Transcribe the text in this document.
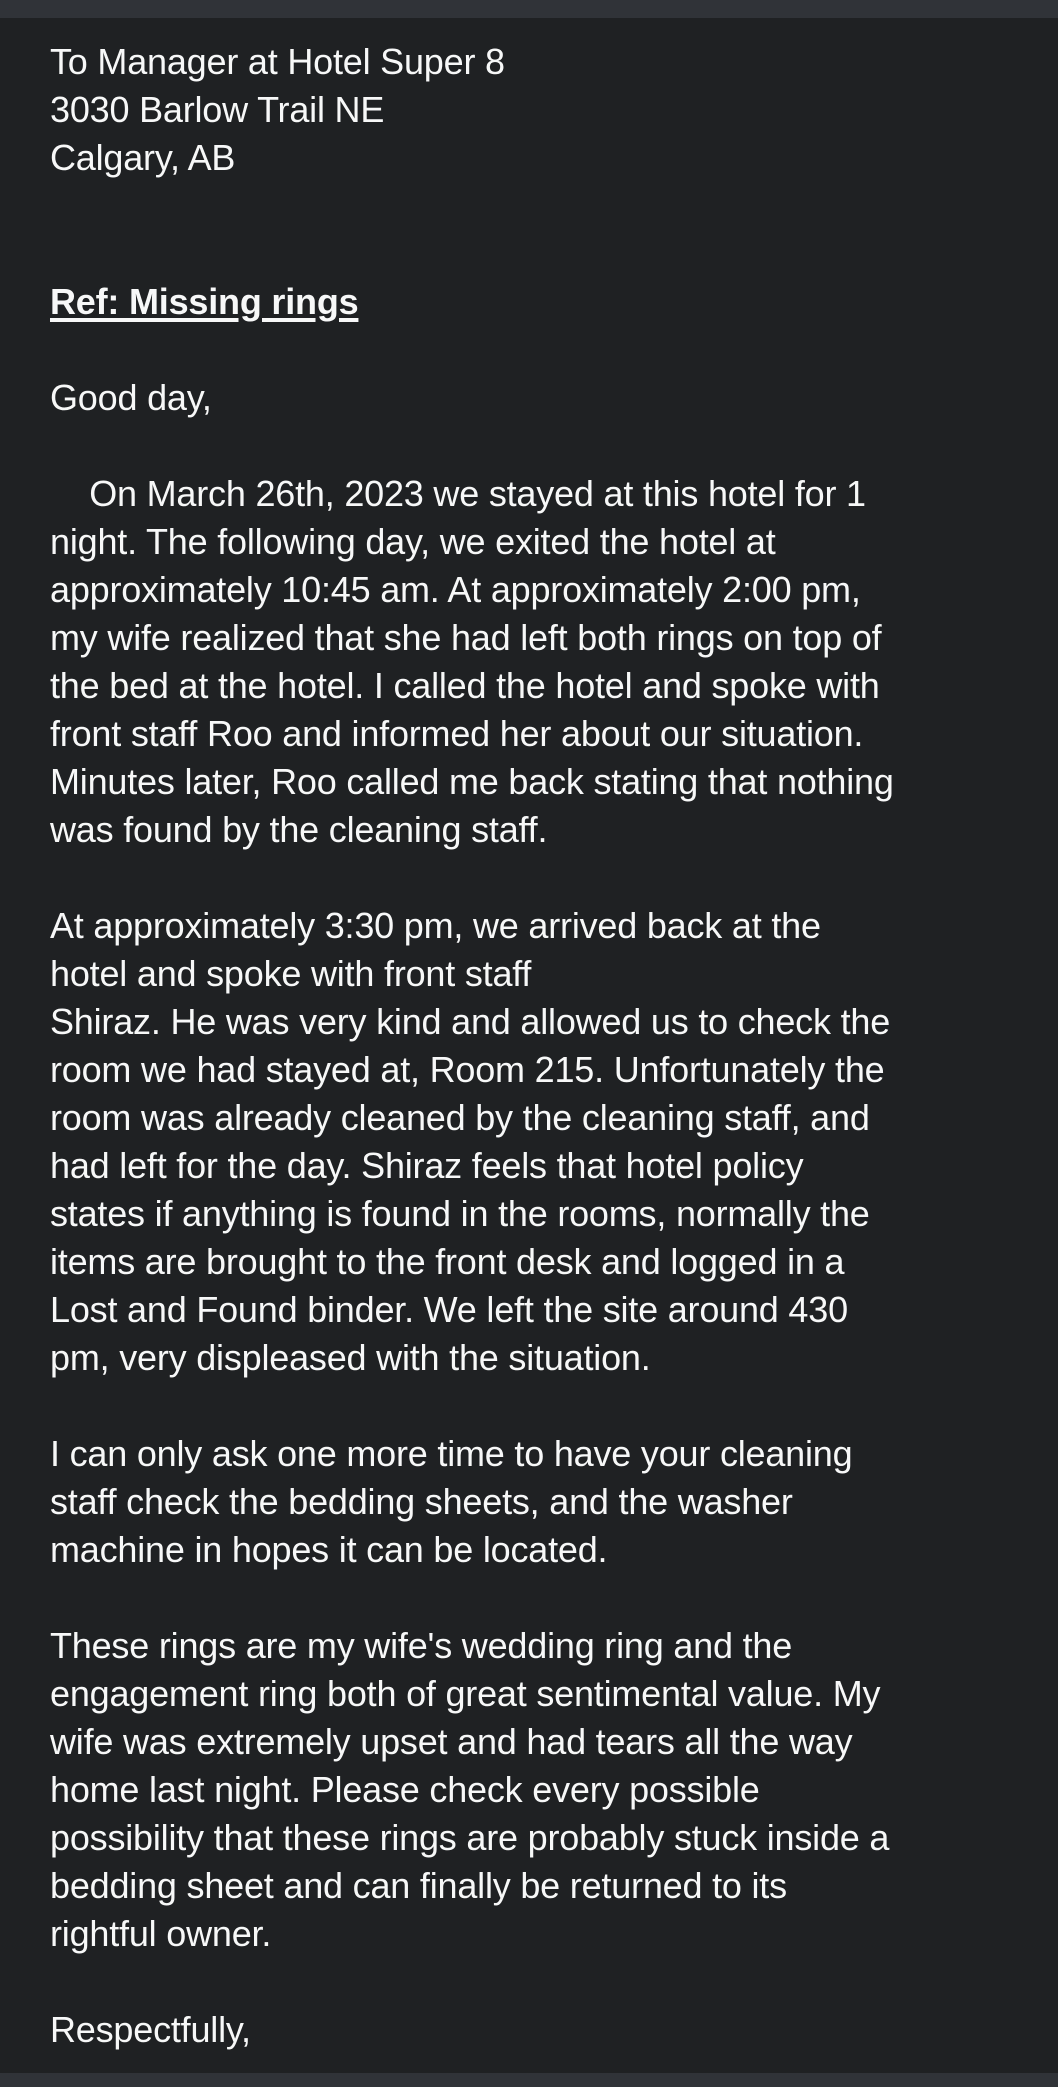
To Manager at Hotel Super 8
3030 Barlow Trail NE
Calgary, AB
Ref: Missing rings
Good day,
On March 26th, 2023 we stayed at this hotel for 1
night. The following day, we exited the hotel at
approximately 10:45 am. At approximately 2:00 pm,
my wife realized that she had left both rings on top of
the bed at the hotel. I called the hotel and spoke with
front staff Roo and informed her about our situation.
Minutes later, Roo called me back stating that nothing
was found by the cleaning staff.
At approximately 3:30 pm, we arrived back at the
hotel and spoke with front staff
Shiraz. He was very kind and allowed us to check the
room we had stayed at, Room 215. Unfortunately the
room was already cleaned by the cleaning staff, and
had left for the day. Shiraz feels that hotel policy
states if anything is found in the rooms, normally the
items are brought to the front desk and logged in a
Lost and Found binder. We left the site around 430
pm, very displeased with the situation.
I can only ask one more time to have your cleaning
staff check the bedding sheets, and the washer
machine in hopes it can be located.
These rings are my wife's wedding ring and the
engagement ring both of great sentimental value. My
wife was extremely upset and had tears all the way
home last night. Please check every possible
possibility that these rings are probably stuck inside a
bedding sheet and can finally be returned to its
rightful owner.
Respectfully,
